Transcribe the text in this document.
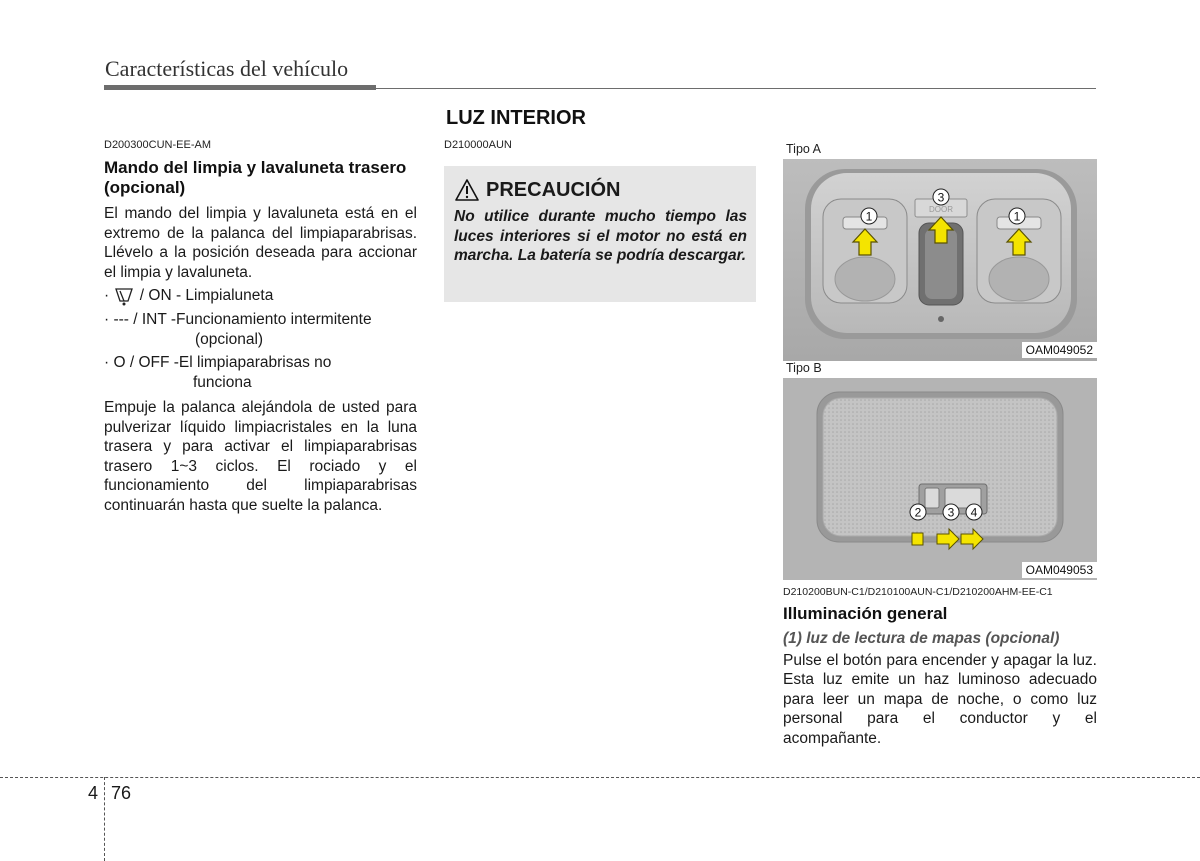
Características del vehículo
D200300CUN-EE-AM
Mando del limpia y lavaluneta trasero (opcional)

El mando del limpia y lavaluneta está en el extremo de la palanca del limpiaparabrisas. Llévelo a la posición deseada para accionar el limpia y lavaluneta.

· / ON - Limpialuneta
· --- / INT - Funcionamiento intermitente
(opcional)
· O / OFF - El limpiaparabrisas no
funciona

Empuje la palanca alejándola de usted para pulverizar líquido limpiacristales en la luna trasera y para activar el limpiaparabrisas trasero 1~3 ciclos. El rociado y el funcionamiento del limpiaparabrisas continuarán hasta que suelte la palanca.

LUZ INTERIOR
D210000AUN
PRECAUCIÓN
No utilice durante mucho tiempo las luces interiores si el motor no está en marcha. La batería se podría descargar.
Tipo A
DOOR
1
3
1
OAM049052
Tipo B
2 3 4
OAM049053
D210200BUN-C1/D210100AUN-C1/D210200AHM-EE-C1
Illuminación general
(1) luz de lectura de mapas (opcional)

Pulse el botón para encender y apagar la luz. Esta luz emite un haz luminoso adecuado para leer un mapa de noche, o como luz personal para el conductor y el acompañante.

4 76
